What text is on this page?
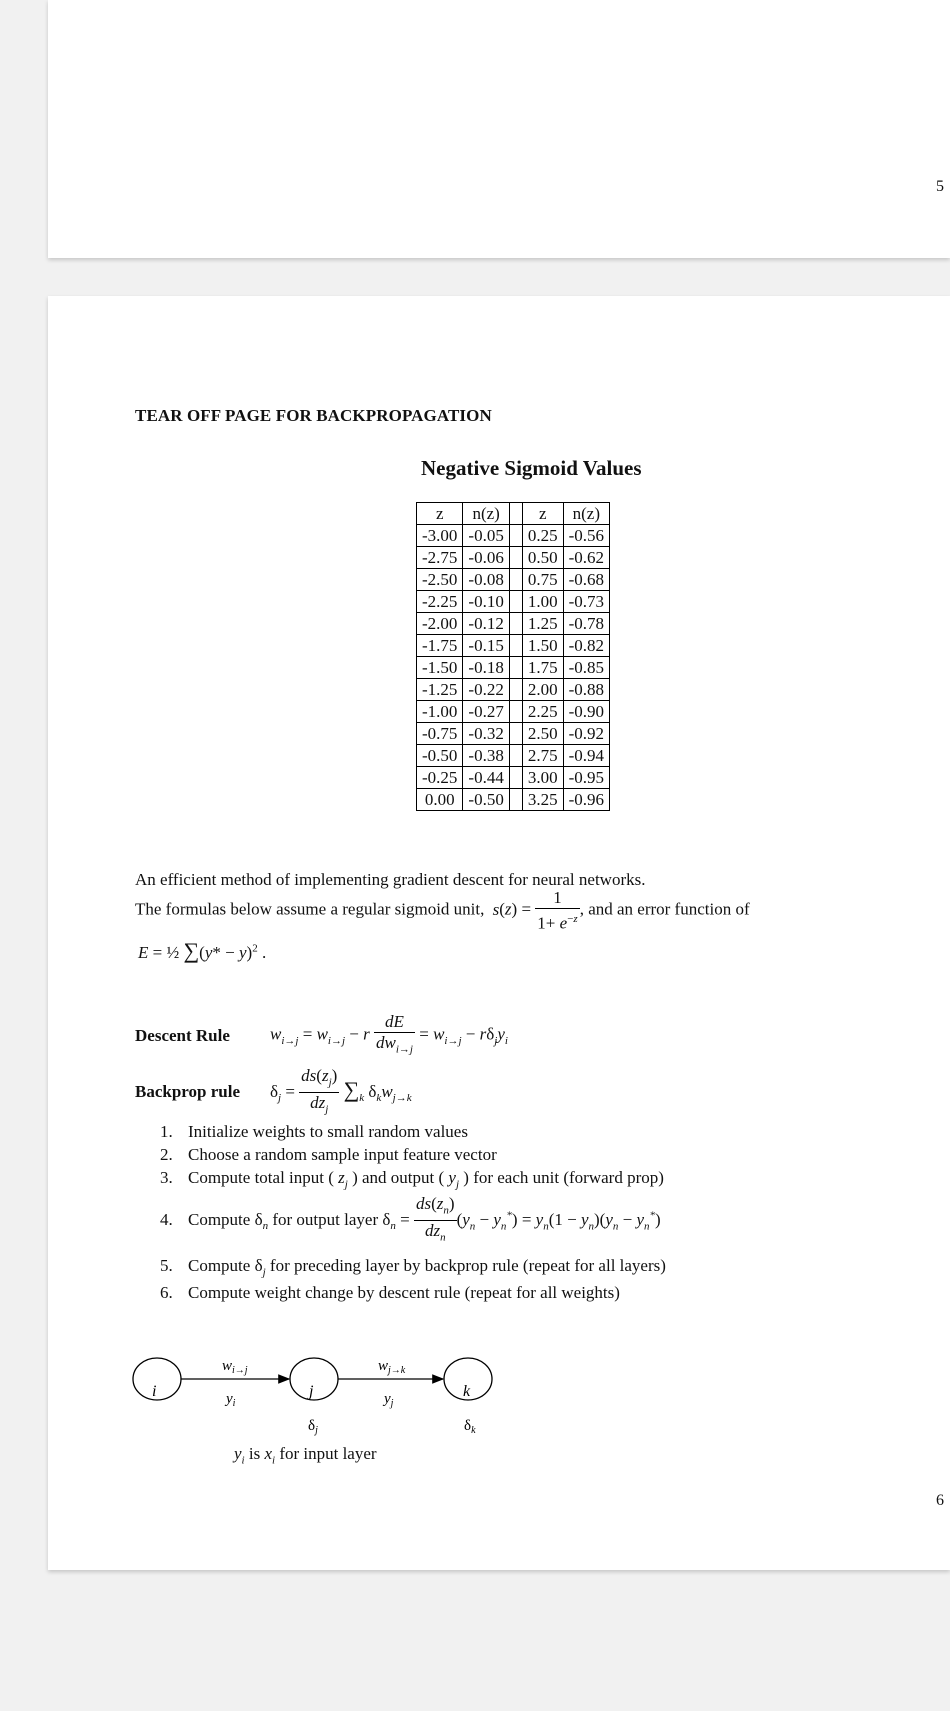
5
TEAR OFF PAGE FOR BACKPROPAGATION
Negative Sigmoid Values
z	n(z)		z	n(z)
-3.00	-0.05		0.25	-0.56
-2.75	-0.06		0.50	-0.62
-2.50	-0.08		0.75	-0.68
-2.25	-0.10		1.00	-0.73
-2.00	-0.12		1.25	-0.78
-1.75	-0.15		1.50	-0.82
-1.50	-0.18		1.75	-0.85
-1.25	-0.22		2.00	-0.88
-1.00	-0.27		2.25	-0.90
-0.75	-0.32		2.50	-0.92
-0.50	-0.38		2.75	-0.94
-0.25	-0.44		3.00	-0.95
0.00	-0.50		3.25	-0.96
An efficient method of implementing gradient descent for neural networks.
The formulas below assume a regular sigmoid unit, $s(z) = \frac{1}{1+ e^{-z}}$ , and an error function of
E = ½ $\sum(y* - y)^2$ .
Descent Rule $w_{i\to j} = w_{i\to j} - r \frac{dE}{dw_{i\to j}} = w_{i\to j} - r\delta_jy_i$
Backprop rule $\delta_j = \frac{ds(z_j)}{dz_j} \sum_k$ $\delta_kw_{j\to k}$
1. Initialize weights to small random values
2. Choose a random sample input feature vector
3. Compute total input ( $z_j$ ) and output ( $y_j$ ) for each unit (forward prop)
4. Compute $\delta_n$ for output layer $\delta_n = \frac{ds(z_n)}{dz_n} (y_n - y_n^*) = y_n(1 - y_n)(y_n - y_n^*)$
5. Compute $\delta_j$ for preceding layer by backprop rule (repeat for all layers)
6. Compute weight change by descent rule (repeat for all weights)
i	j	k
$w_{i\to j}$
$y_i$
$w_{j\to k}$
$y_j$
$\delta_j$	$\delta_k$
$y_i$ is $x_i$ for input layer
6
